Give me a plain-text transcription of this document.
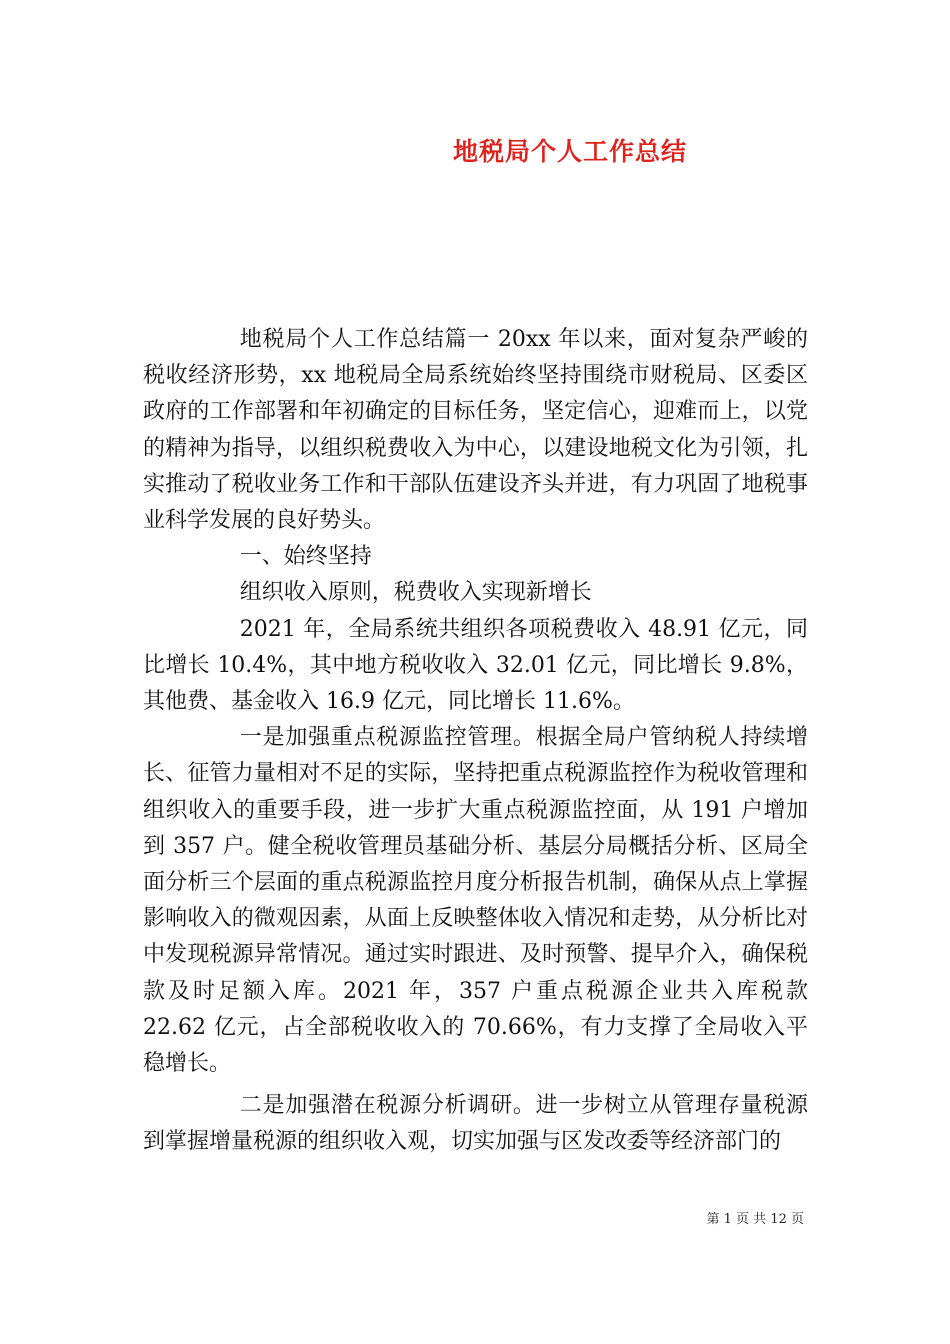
地税局个人工作总结

地税局个人工作总结篇一 20xx 年以来，面对复杂严峻的税收经济形势，xx 地税局全局系统始终坚持围绕市财税局、区委区政府的工作部署和年初确定的目标任务，坚定信心，迎难而上，以党的精神为指导，以组织税费收入为中心，以建设地税文化为引领，扎实推动了税收业务工作和干部队伍建设齐头并进，有力巩固了地税事业科学发展的良好势头。

一、始终坚持

组织收入原则，税费收入实现新增长

2021 年，全局系统共组织各项税费收入 48.91 亿元，同比增长 10.4%，其中地方税收收入 32.01 亿元，同比增长 9.8%，其他费、基金收入 16.9 亿元，同比增长 11.6%。

一是加强重点税源监控管理。根据全局户管纳税人持续增长、征管力量相对不足的实际，坚持把重点税源监控作为税收管理和组织收入的重要手段，进一步扩大重点税源监控面，从 191 户增加到 357 户。健全税收管理员基础分析、基层分局概括分析、区局全面分析三个层面的重点税源监控月度分析报告机制，确保从点上掌握影响收入的微观因素，从面上反映整体收入情况和走势，从分析比对中发现税源异常情况。通过实时跟进、及时预警、提早介入，确保税款及时足额入库。2021 年，357 户重点税源企业共入库税款 22.62 亿元，占全部税收收入的 70.66%，有力支撑了全局收入平稳增长。

二是加强潜在税源分析调研。进一步树立从管理存量税源到掌握增量税源的组织收入观，切实加强与区发改委等经济部门的

第 1 页 共 12 页
